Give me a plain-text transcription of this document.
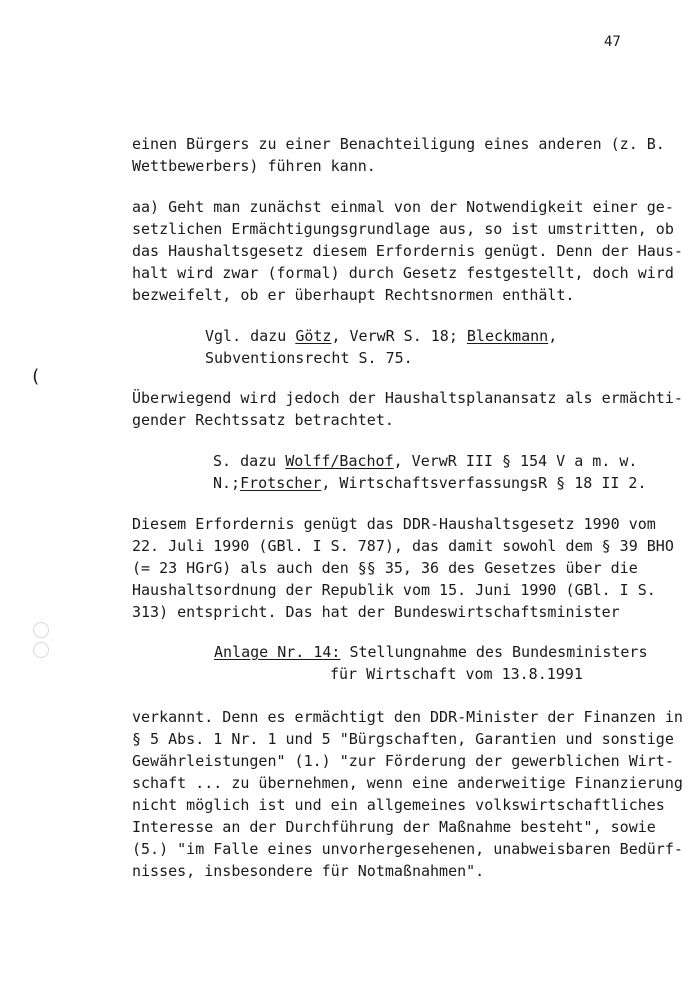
47
einen Bürgers zu einer Benachteiligung eines anderen (z. B.
Wettbewerbers) führen kann.
aa) Geht man zunächst einmal von der Notwendigkeit einer ge-
setzlichen Ermächtigungsgrundlage aus, so ist umstritten, ob
das Haushaltsgesetz diesem Erfordernis genügt. Denn der Haus-
halt wird zwar (formal) durch Gesetz festgestellt, doch wird
bezweifelt, ob er überhaupt Rechtsnormen enthält.
Vgl. dazu Götz, VerwR S. 18; Bleckmann,
Subventionsrecht S. 75.
(
Überwiegend wird jedoch der Haushaltsplanansatz als ermächti-
gender Rechtssatz betrachtet.
S. dazu Wolff/Bachof, VerwR III § 154 V a m. w.
N.;Frotscher, WirtschaftsverfassungsR § 18 II 2.
Diesem Erfordernis genügt das DDR-Haushaltsgesetz 1990 vom
22. Juli 1990 (GBl. I S. 787), das damit sowohl dem § 39 BHO
(= 23 HGrG) als auch den §§ 35, 36 des Gesetzes über die
Haushaltsordnung der Republik vom 15. Juni 1990 (GBl. I S.
313) entspricht. Das hat der Bundeswirtschaftsminister
Anlage Nr. 14: Stellungnahme des Bundesministers
für Wirtschaft vom 13.8.1991
verkannt. Denn es ermächtigt den DDR-Minister der Finanzen in
§ 5 Abs. 1 Nr. 1 und 5 "Bürgschaften, Garantien und sonstige
Gewährleistungen" (1.) "zur Förderung der gewerblichen Wirt-
schaft ... zu übernehmen, wenn eine anderweitige Finanzierung
nicht möglich ist und ein allgemeines volkswirtschaftliches
Interesse an der Durchführung der Maßnahme besteht", sowie
(5.) "im Falle eines unvorhergesehenen, unabweisbaren Bedürf-
nisses, insbesondere für Notmaßnahmen".
